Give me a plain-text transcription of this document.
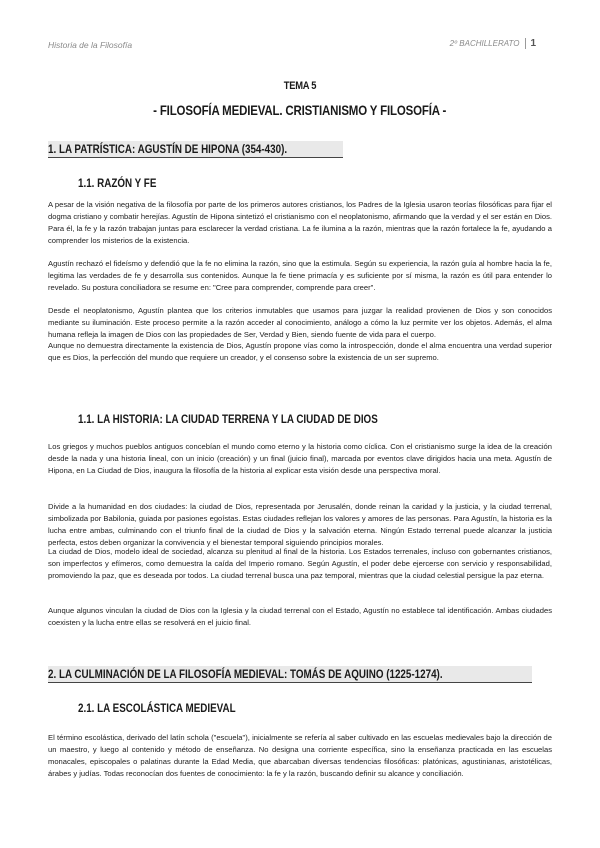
Historia de la Filosofía	2º BACHILLERATO 1
TEMA 5
- FILOSOFÍA MEDIEVAL. CRISTIANISMO Y FILOSOFÍA -
1. LA PATRÍSTICA: AGUSTÍN DE HIPONA (354-430).
1.1. RAZÓN Y FE

A pesar de la visión negativa de la filosofía por parte de los primeros autores cristianos, los Padres de la Iglesia usaron teorías filosóficas para fijar el dogma cristiano y combatir herejías. Agustín de Hipona sintetizó el cristianismo con el neoplatonismo, afirmando que la verdad y el ser están en Dios. Para él, la fe y la razón trabajan juntas para esclarecer la verdad cristiana. La fe ilumina a la razón, mientras que la razón fortalece la fe, ayudando a comprender los misterios de la existencia.

Agustín rechazó el fideísmo y defendió que la fe no elimina la razón, sino que la estimula. Según su experiencia, la razón guía al hombre hacia la fe, legitima las verdades de fe y desarrolla sus contenidos. Aunque la fe tiene primacía y es suficiente por sí misma, la razón es útil para entender lo revelado. Su postura conciliadora se resume en: "Cree para comprender, comprende para creer".

Desde el neoplatonismo, Agustín plantea que los criterios inmutables que usamos para juzgar la realidad provienen de Dios y son conocidos mediante su iluminación. Este proceso permite a la razón acceder al conocimiento, análogo a cómo la luz permite ver los objetos. Además, el alma humana refleja la imagen de Dios con las propiedades de Ser, Verdad y Bien, siendo fuente de vida para el cuerpo.

Aunque no demuestra directamente la existencia de Dios, Agustín propone vías como la introspección, donde el alma encuentra una verdad superior que es Dios, la perfección del mundo que requiere un creador, y el consenso sobre la existencia de un ser supremo.

1.1. LA HISTORIA: LA CIUDAD TERRENA Y LA CIUDAD DE DIOS

Los griegos y muchos pueblos antiguos concebían el mundo como eterno y la historia como cíclica. Con el cristianismo surge la idea de la creación desde la nada y una historia lineal, con un inicio (creación) y un final (juicio final), marcada por eventos clave dirigidos hacia una meta. Agustín de Hipona, en La Ciudad de Dios, inaugura la filosofía de la historia al explicar esta visión desde una perspectiva moral.

Divide a la humanidad en dos ciudades: la ciudad de Dios, representada por Jerusalén, donde reinan la caridad y la justicia, y la ciudad terrenal, simbolizada por Babilonia, guiada por pasiones egoístas. Estas ciudades reflejan los valores y amores de las personas. Para Agustín, la historia es la lucha entre ambas, culminando con el triunfo final de la ciudad de Dios y la salvación eterna. Ningún Estado terrenal puede alcanzar la justicia perfecta, estos deben organizar la convivencia y el bienestar temporal siguiendo principios morales.

La ciudad de Dios, modelo ideal de sociedad, alcanza su plenitud al final de la historia. Los Estados terrenales, incluso con gobernantes cristianos, son imperfectos y efímeros, como demuestra la caída del Imperio romano. Según Agustín, el poder debe ejercerse con servicio y responsabilidad, promoviendo la paz, que es deseada por todos. La ciudad terrenal busca una paz temporal, mientras que la ciudad celestial persigue la paz eterna.

Aunque algunos vinculan la ciudad de Dios con la Iglesia y la ciudad terrenal con el Estado, Agustín no establece tal identificación. Ambas ciudades coexisten y la lucha entre ellas se resolverá en el juicio final.

2. LA CULMINACIÓN DE LA FILOSOFÍA MEDIEVAL: TOMÁS DE AQUINO (1225-1274).
2.1. LA ESCOLÁSTICA MEDIEVAL

El término escolástica, derivado del latín schola ("escuela"), inicialmente se refería al saber cultivado en las escuelas medievales bajo la dirección de un maestro, y luego al contenido y método de enseñanza. No designa una corriente específica, sino la enseñanza practicada en las escuelas monacales, episcopales o palatinas durante la Edad Media, que abarcaban diversas tendencias filosóficas: platónicas, agustinianas, aristotélicas, árabes y judías. Todas reconocían dos fuentes de conocimiento: la fe y la razón, buscando definir su alcance y conciliación.
